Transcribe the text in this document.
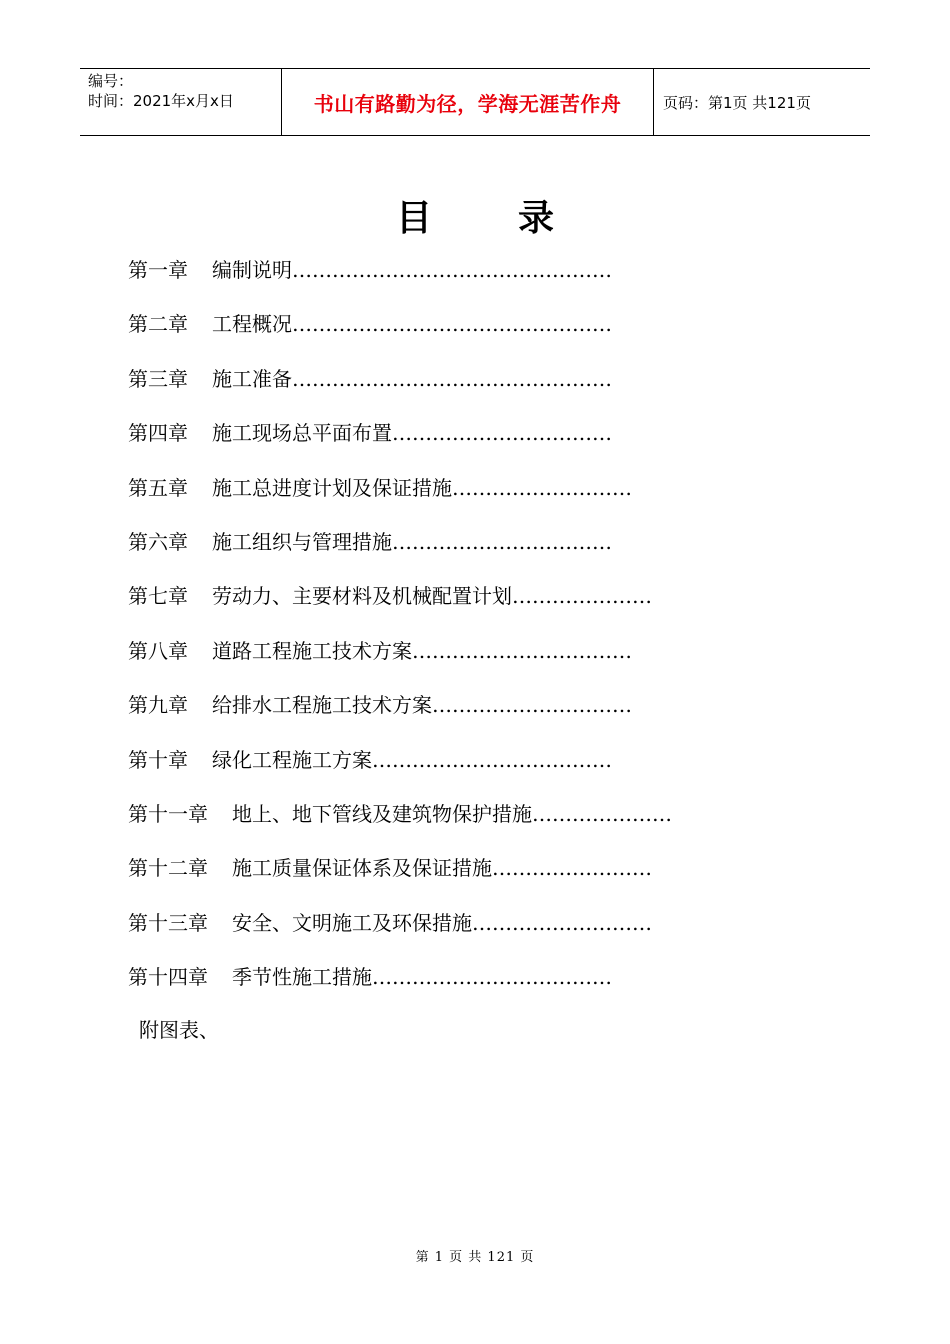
编号：
时间：2021年x月x日	书山有路勤为径，学海无涯苦作舟	页码：第1页 共121页
目 录
第一章 编制说明…………………………………………
第二章 工程概况…………………………………………
第三章 施工准备…………………………………………
第四章 施工现场总平面布置……………………………
第五章 施工总进度计划及保证措施………………………
第六章 施工组织与管理措施……………………………
第七章 劳动力、主要材料及机械配置计划…………………
第八章 道路工程施工技术方案……………………………
第九章 给排水工程施工技术方案…………………………
第十章 绿化工程施工方案………………………………
第十一章 地上、地下管线及建筑物保护措施…………………
第十二章 施工质量保证体系及保证措施……………………
第十三章 安全、文明施工及环保措施………………………
第十四章 季节性施工措施………………………………
附图表、
第 1 页 共 121 页
